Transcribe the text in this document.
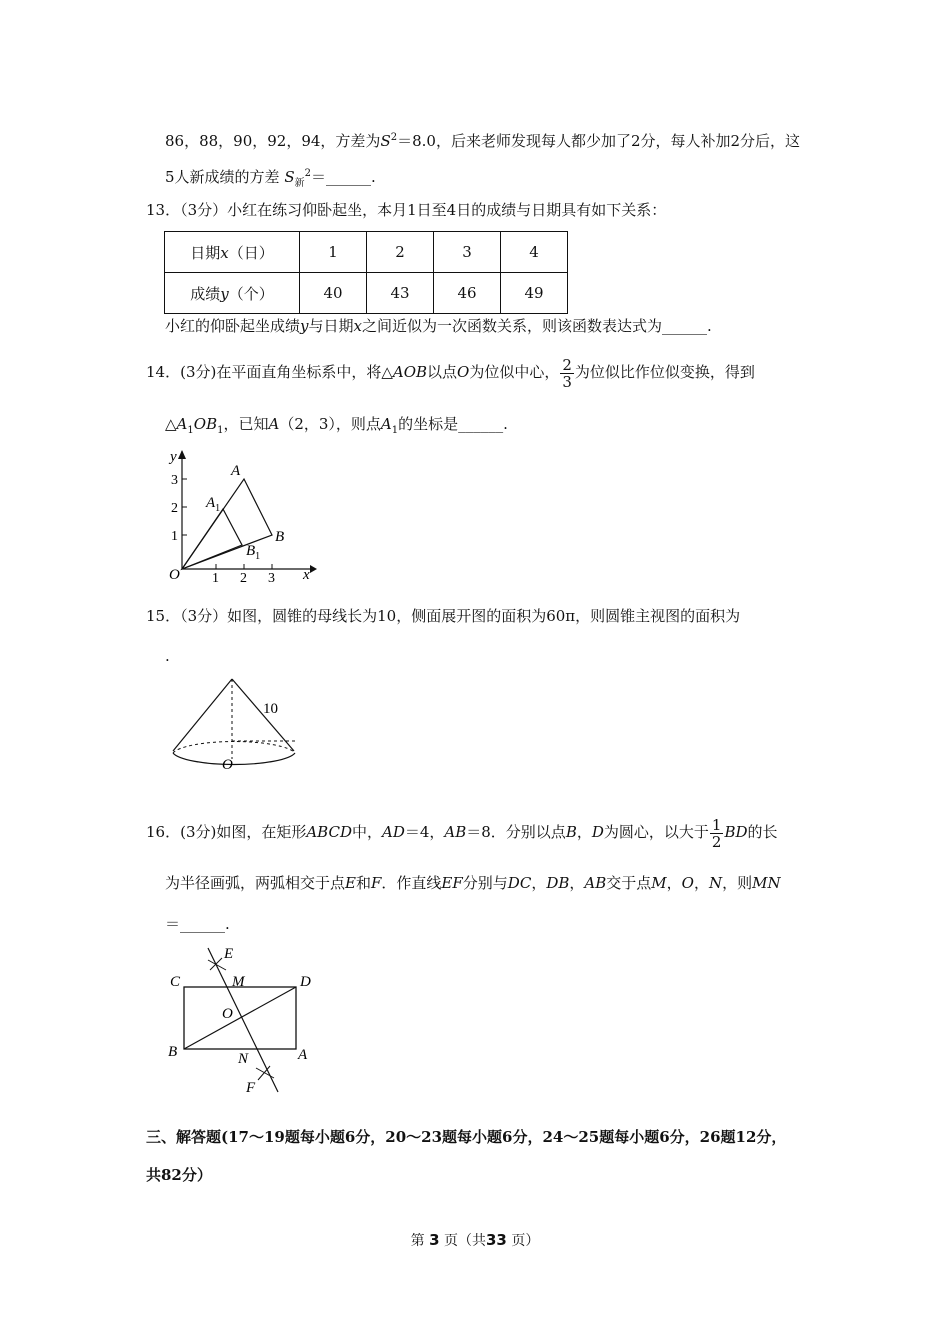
86，88，90，92，94，方差为$S^2=8.0$，后来老师发现每人都少加了2分，每人补加2分后，这
5人新成绩的方差 $S_新^2=\_\_\_\_\_\_$.
13．（3分）小红在练习仰卧起坐，本月1日至4日的成绩与日期具有如下关系：
日期x（日）	1	2	3	4
成绩y（个）	40	43	46	49
小红的仰卧起坐成绩y与日期x之间近似为一次函数关系，则该函数表达式为______.
14．(3分)在平面直角坐标系中，将△AOB以点O为位似中心， $\frac{2}{3}$ 为位似比作位似变换，得到
$\triangle A_1OB_1$，已知A（2，3），则点$A_1$的坐标是______.
y
x
O
3
2
1
1 2 3
A
$A_1$
B
$B_1$
15．（3分）如图，圆锥的母线长为10，侧面展开图的面积为60π，则圆锥主视图的面积为
.
10
O
16．(3分)如图，在矩形ABCD中，AD＝4，AB＝8．分别以点B，D为圆心，以大于 $\frac{1}{2}$ BD的长
为半径画弧，两弧相交于点E和F．作直线EF分别与DC，DB，AB交于点M，O，N，则MN
＝______.
C	D
B	A
E
F
M
N
O
三、解答题(17～19题每小题6分，20～23题每小题6分，24～25题每小题6分，26题12分，
共82分）
第 3 页（共33 页）
